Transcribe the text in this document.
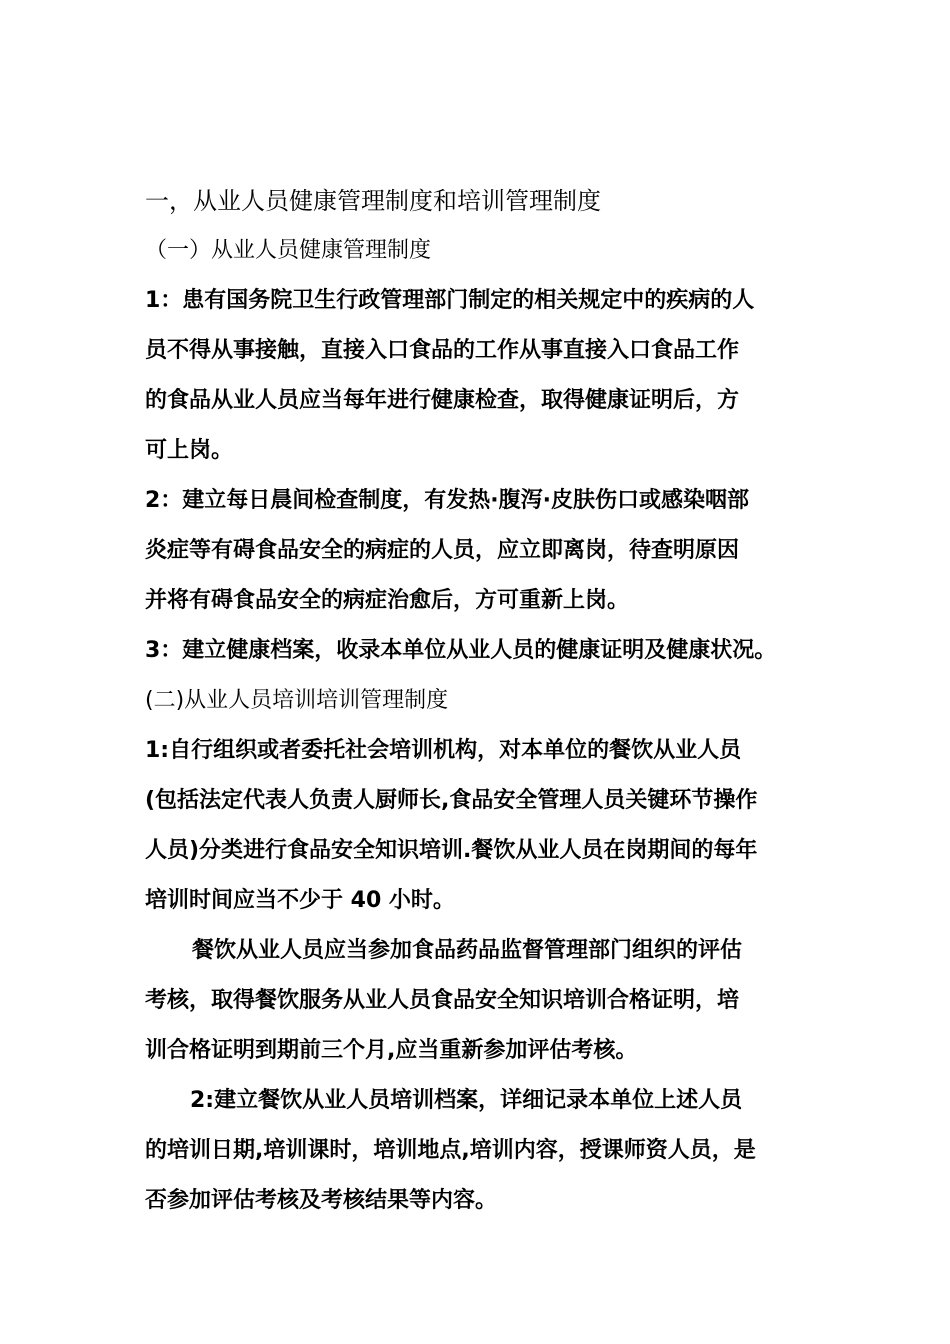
一，从业人员健康管理制度和培训管理制度
（一）从业人员健康管理制度
1：患有国务院卫生行政管理部门制定的相关规定中的疾病的人
员不得从事接触，直接入口食品的工作从事直接入口食品工作
的食品从业人员应当每年进行健康检查，取得健康证明后，方
可上岗。
2：建立每日晨间检查制度，有发热·腹泻·皮肤伤口或感染咽部
炎症等有碍食品安全的病症的人员，应立即离岗，待查明原因
并将有碍食品安全的病症治愈后，方可重新上岗。
3：建立健康档案，收录本单位从业人员的健康证明及健康状况。
(二)从业人员培训培训管理制度
1:自行组织或者委托社会培训机构，对本单位的餐饮从业人员
(包括法定代表人负责人厨师长,食品安全管理人员关键环节操作
人员)分类进行食品安全知识培训.餐饮从业人员在岗期间的每年
培训时间应当不少于 40 小时。
餐饮从业人员应当参加食品药品监督管理部门组织的评估
考核，取得餐饮服务从业人员食品安全知识培训合格证明，培
训合格证明到期前三个月,应当重新参加评估考核。
2:建立餐饮从业人员培训档案，详细记录本单位上述人员
的培训日期,培训课时，培训地点,培训内容，授课师资人员，是
否参加评估考核及考核结果等内容。
